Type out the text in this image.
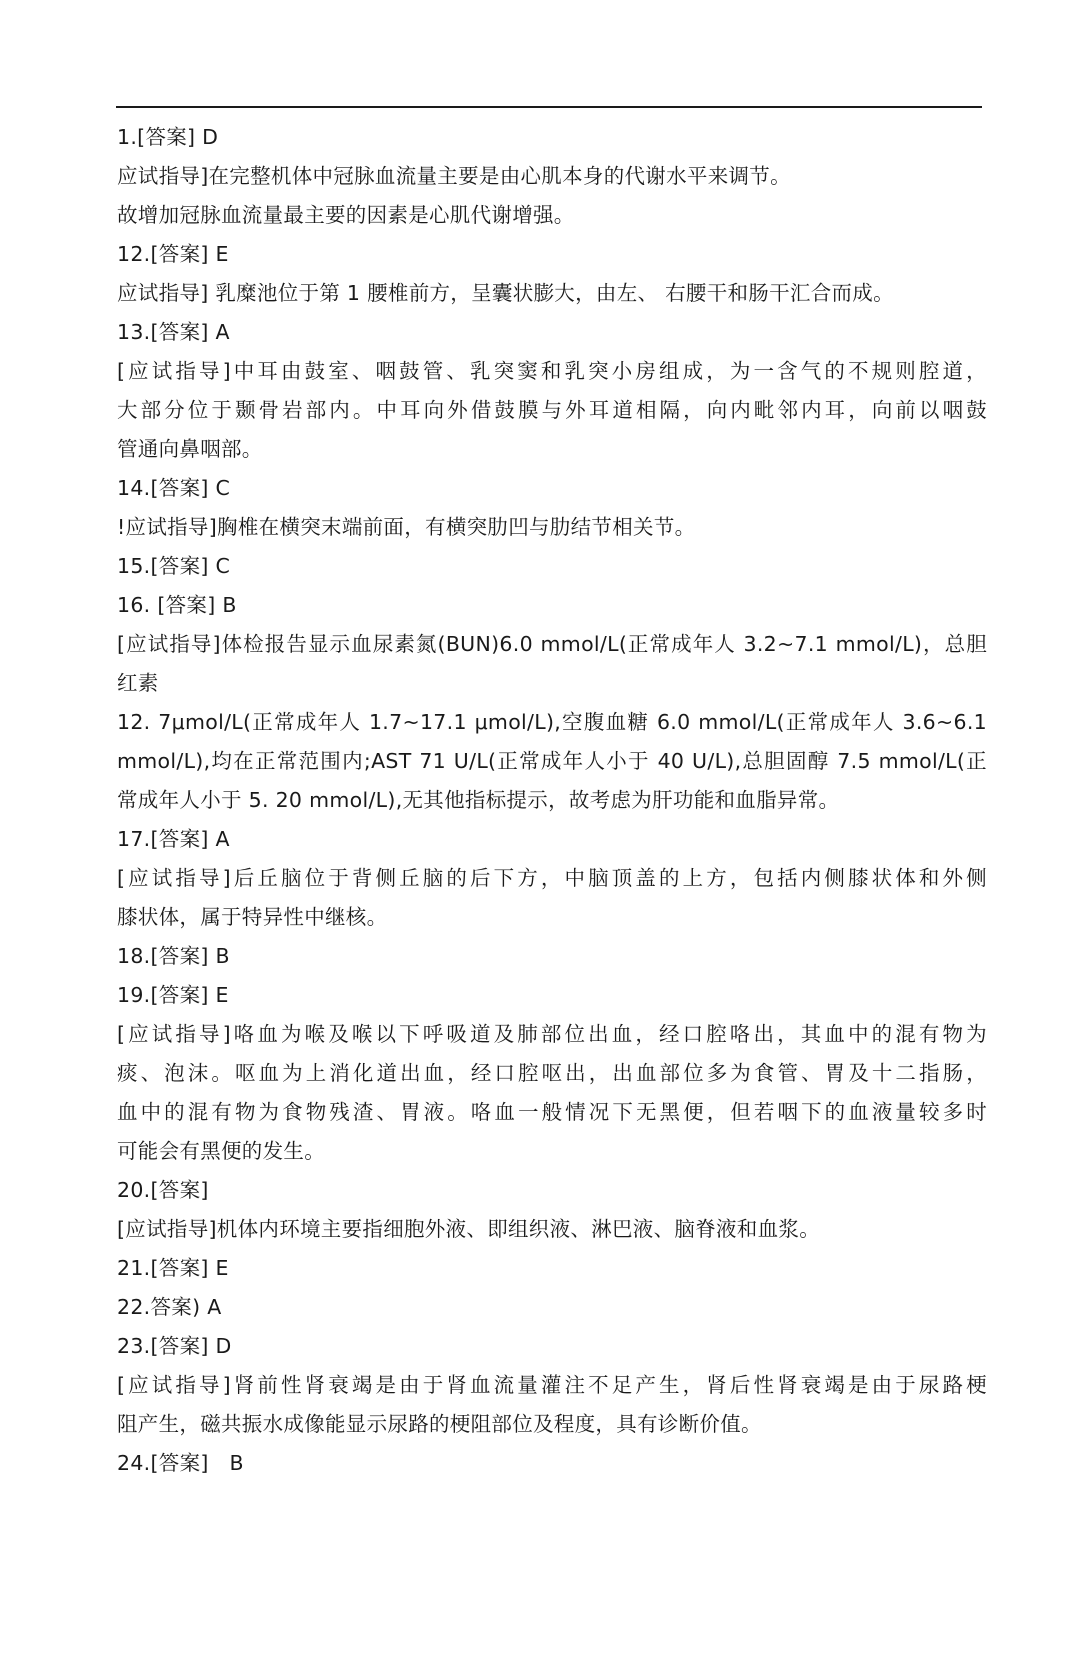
1.[答案] D
应试指导]在完整机体中冠脉血流量主要是由心肌本身的代谢水平来调节。
故增加冠脉血流量最主要的因素是心肌代谢增强。
12.[答案] E
应试指导] 乳糜池位于第 1 腰椎前方，呈囊状膨大，由左、 右腰干和肠干汇合而成。
13.[答案] A
[应试指导]中耳由鼓室、咽鼓管、乳突窦和乳突小房组成，为一含气的不规则腔道，
大部分位于颞骨岩部内。中耳向外借鼓膜与外耳道相隔，向内毗邻内耳，向前以咽鼓
管通向鼻咽部。
14.[答案] C
!应试指导]胸椎在横突末端前面，有横突肋凹与肋结节相关节。
15.[答案] C
16. [答案] B
[应试指导]体检报告显示血尿素氮(BUN)6.0 mmol/L(正常成年人 3.2~7.1 mmol/L)，总胆
红素
12. 7μmol/L(正常成年人 1.7~17.1 μmol/L),空腹血糖 6.0 mmol/L(正常成年人 3.6~6.1
mmol/L),均在正常范围内;AST 71 U/L(正常成年人小于 40 U/L),总胆固醇 7.5 mmol/L(正
常成年人小于 5. 20 mmol/L),无其他指标提示，故考虑为肝功能和血脂异常。
17.[答案] A
[应试指导]后丘脑位于背侧丘脑的后下方，中脑顶盖的上方，包括内侧膝状体和外侧
膝状体，属于特异性中继核。
18.[答案] B
19.[答案] E
[应试指导]咯血为喉及喉以下呼吸道及肺部位出血，经口腔咯出，其血中的混有物为
痰、泡沫。呕血为上消化道出血，经口腔呕出，出血部位多为食管、胃及十二指肠，
血中的混有物为食物残渣、胃液。咯血一般情况下无黑便，但若咽下的血液量较多时
可能会有黑便的发生。
20.[答案]
[应试指导]机体内环境主要指细胞外液、即组织液、淋巴液、脑脊液和血浆。
21.[答案] E
22.答案) A
23.[答案] D
[应试指导]肾前性肾衰竭是由于肾血流量灌注不足产生，肾后性肾衰竭是由于尿路梗
阻产生，磁共振水成像能显示尿路的梗阻部位及程度，具有诊断价值。
24.[答案]　B
